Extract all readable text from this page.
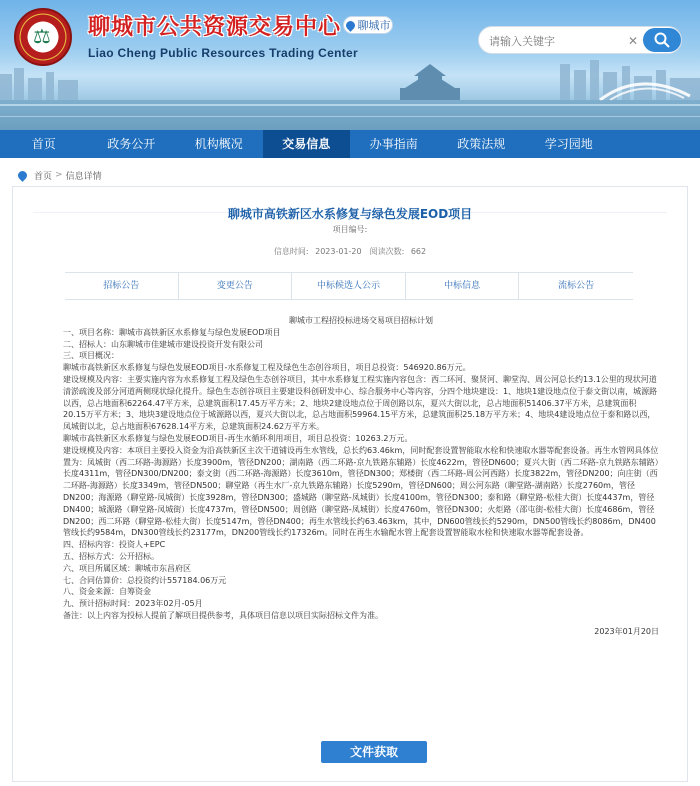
⚖ 聊城市公共资源交易中心
Liao Cheng Public Resources Trading Center
聊城市
请输入关键字
✕
首页	政务公开	机构概况	交易信息	办事指南	政策法规	学习园地
首页 > 信息详情
聊城市高铁新区水系修复与绿色发展EOD项目
项目编号:
信息时间: 2023-01-20　阅读次数: 662
招标公告	变更公告	中标候选人公示	中标信息	流标公告

聊城市工程招投标进场交易项目招标计划

一、项目名称：聊城市高铁新区水系修复与绿色发展EOD项目

二、招标人：山东聊城市佳建城市建设投资开发有限公司

三、项目概况：

聊城市高铁新区水系修复与绿色发展EOD项目-水系修复工程及绿色生态创谷项目，项目总投资：546920.86万元。

建设规模及内容：主要实施内容为水系修复工程及绿色生态创谷项目，其中水系修复工程实施内容包含：西二环河、聚贤河、聊堂沟、周公河总长约13.1公里的现状河道清淤疏浚及部分河道两侧现状绿化提升。绿色生态创谷项目主要建设科创研发中心、综合服务中心等内容，分四个地块建设：1、地块1建设地点位于泰文街以南，城源路以西，总占地面积62264.47平方米，总建筑面积17.45万平方米；2、地块2建设地点位于周创路以东，夏兴大街以北，总占地面积51406.37平方米，总建筑面积20.15万平方米；3、地块3建设地点位于城源路以西，夏兴大街以北，总占地面积59964.15平方米，总建筑面积25.18万平方米；4、地块4建设地点位于泰和路以西，凤城街以北，总占地面积67628.14平方米，总建筑面积24.62万平方米。

聊城市高铁新区水系修复与绿色发展EOD项目-再生水循环利用项目，项目总投资：10263.2万元。

建设规模及内容：本项目主要投入资金为沿高铁新区主次干道铺设再生水管线，总长约63.46km，同时配套设置智能取水栓和快速取水器等配套设备。再生水管网具体位置为：凤城街（西二环路-海源路）长度3900m，管径DN200；湖南路（西二环路-京九铁路东辅路）长度4622m，管径DN600；夏兴大街（西二环路-京九铁路东辅路）长度4311m，管径DN300/DN200；泰文街（西二环路-海源路）长度3610m，管径DN300；郑楼街（西二环路-周公河西路）长度3822m，管径DN200；向庄街（西二环路-海源路）长度3349m，管径DN500；聊堂路（再生水厂-京九铁路东辅路）长度5290m，管径DN600；周公河东路（聊堂路-湖南路）长度2760m，管径DN200；海源路（聊堂路-凤城街）长度3928m，管径DN300；盛城路（聊堂路-凤城街）长度4100m，管径DN300；泰和路（聊堂路-松桂大街）长度4437m，管径DN400；城源路（聊堂路-凤城街）长度4737m，管径DN500；周创路（聊堂路-凤城街）长度4760m，管径DN300；火炬路（邵屯街-松桂大街）长度4686m，管径DN200；西二环路（聊堂路-松桂大街）长度5147m，管径DN400；再生水管线长约63.463km，其中，DN600管线长约5290m，DN500管线长约8086m，DN400管线长约9584m，DN300管线长约23177m，DN200管线长约17326m。同时在再生水输配水管上配套设置智能取水栓和快速取水器等配套设备。

四、招标内容：投资人+EPC

五、招标方式：公开招标。

六、项目所属区域：聊城市东昌府区

七、合同估算价：总投资约计557184.06万元

八、资金来源：自筹资金

九、预计招标时间：2023年02月-05月

备注：以上内容为投标人提前了解项目提供参考，具体项目信息以项目实际招标文件为准。

2023年01月20日

文件获取
